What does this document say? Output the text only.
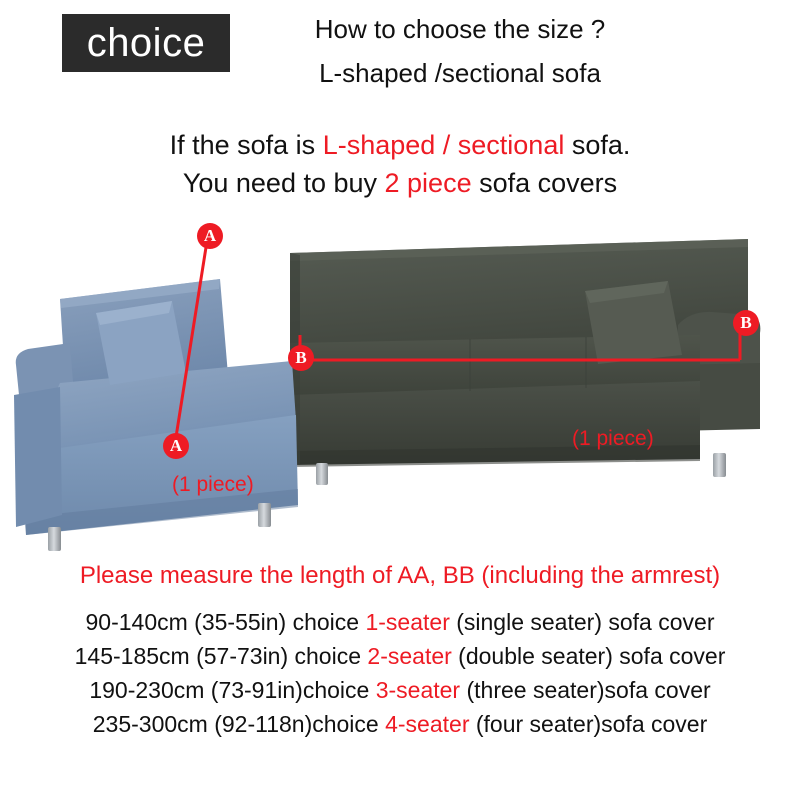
choice	How to choose the size ?
L-shaped /sectional sofa
If the sofa is L-shaped / sectional sofa.
You need to buy 2 piece sofa covers
A
A
B
B
(1 piece)
(1 piece)
Please measure the length of AA, BB (including the armrest)
90-140cm (35-55in) choice 1-seater (single seater) sofa cover
145-185cm (57-73in) choice 2-seater (double seater) sofa cover
190-230cm (73-91in)choice 3-seater (three seater)sofa cover
235-300cm (92-118n)choice 4-seater (four seater)sofa cover
